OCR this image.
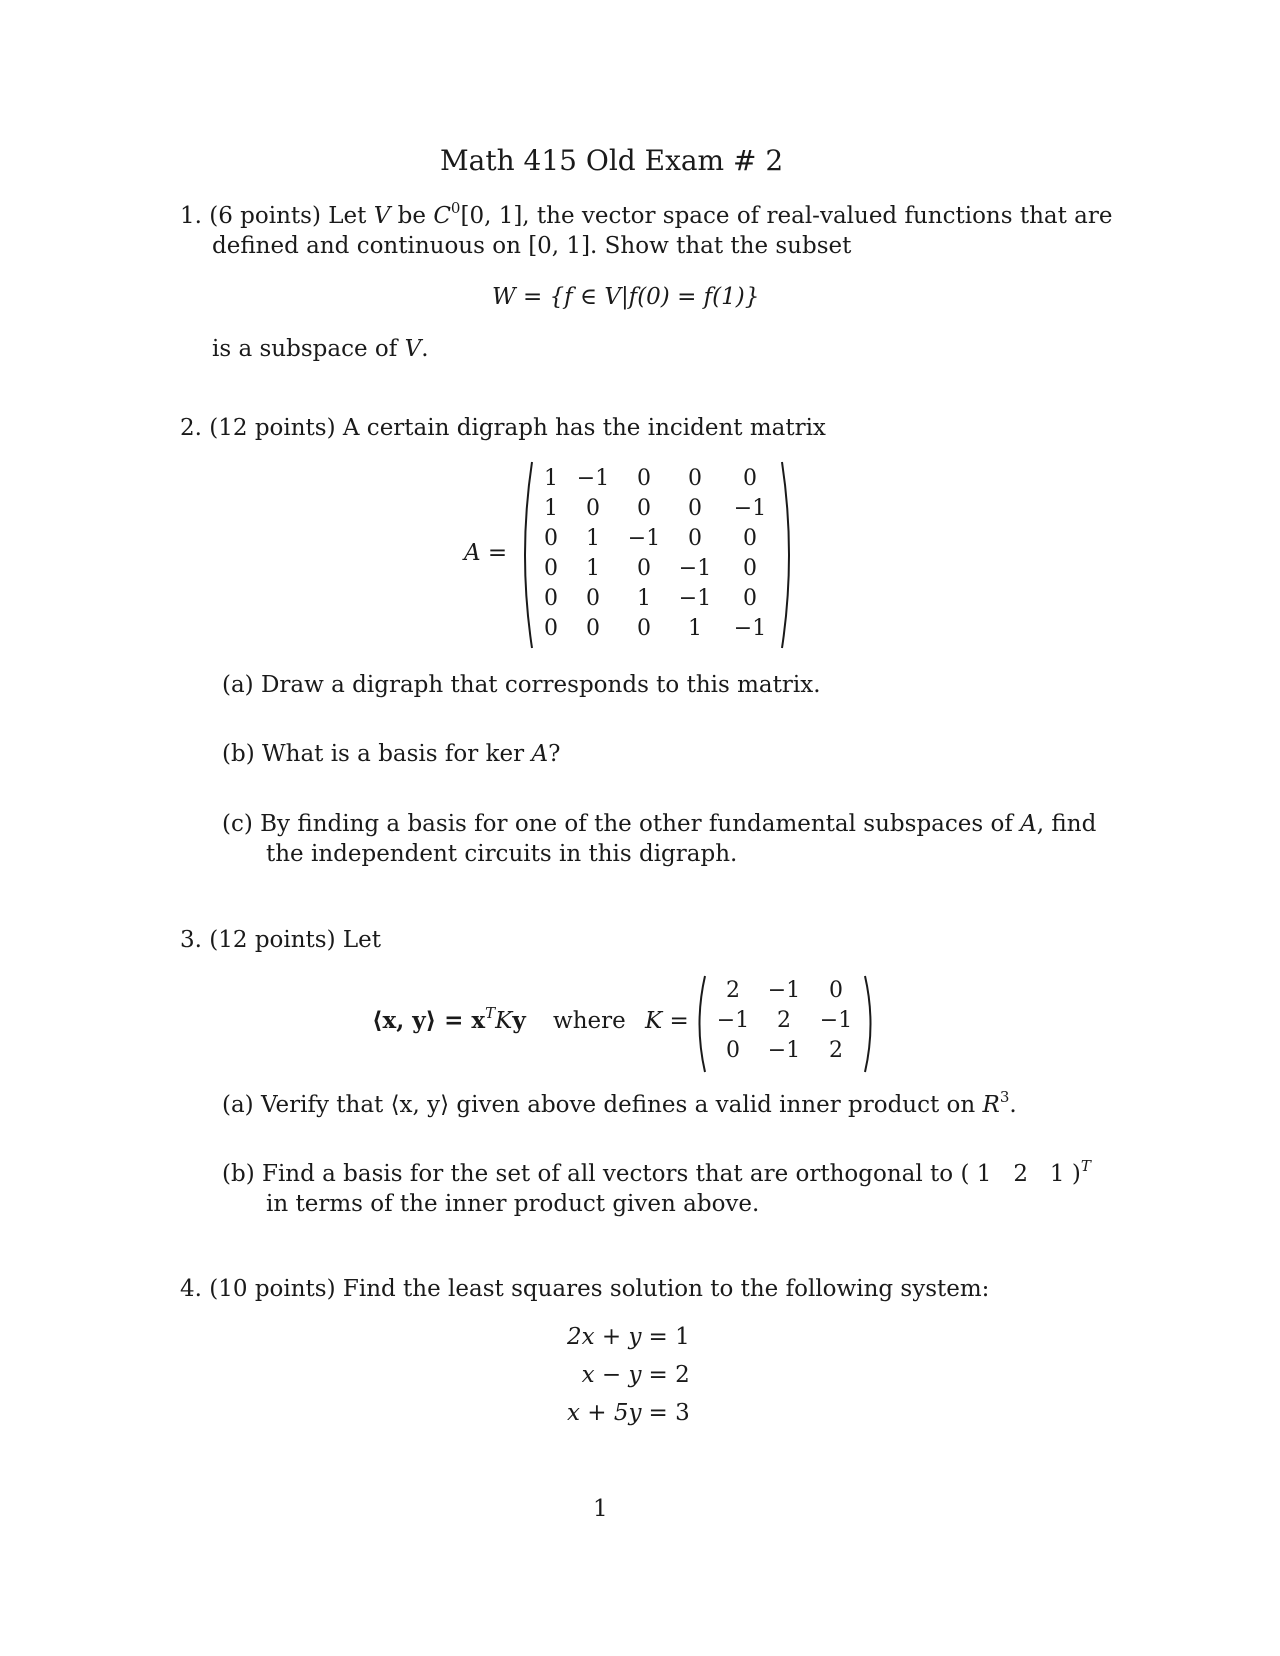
Math 415 Old Exam # 2
1. (6 points) Let V be $C^0[0$, 1], the vector space of real-valued functions that are
defined and continuous on [0, 1]. Show that the subset
W = {f ∈ V|f(0) = f(1)}
is a subspace of V.
2. (12 points) A certain digraph has the incident matrix
A =
1	−1	0	0	0
1	0	0	0	−1
0	1	−1	0	0
0	1	0	−1	0
0	0	1	−1	0
0	0	0	1	−1
(a) Draw a digraph that corresponds to this matrix.
(b) What is a basis for ker A?
(c) By finding a basis for one of the other fundamental subspaces of A, find
the independent circuits in this digraph.
3. (12 points) Let
⟨x, y⟩ = $x^TKy$ where K =
2	−1	0
−1	2	−1
0	−1	2
(a) Verify that ⟨x, y⟩ given above defines a valid inner product on $R^3$.
(b) Find a basis for the set of all vectors that are orthogonal to ( 1   2   1 )$^T$
in terms of the inner product given above.
4. (10 points) Find the least squares solution to the following system:
2x + y	= 1
x − y	= 2
x + 5y	= 3
1
